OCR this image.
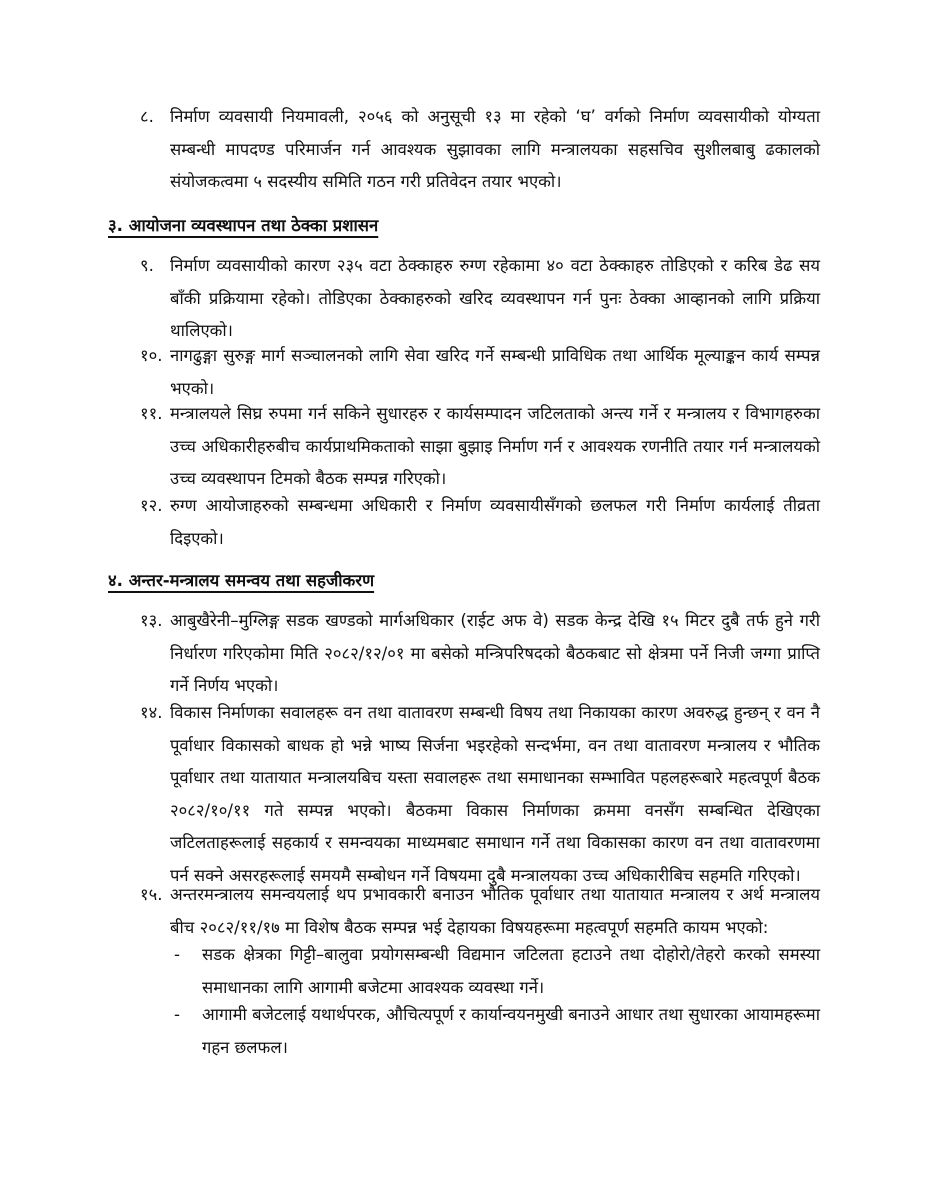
८. निर्माण व्यवसायी नियमावली, २०५६ को अनुसूची १३ मा रहेको ‘घ’ वर्गको निर्माण व्यवसायीको योग्यता सम्बन्धी मापदण्ड परिमार्जन गर्न आवश्यक सुझावका लागि मन्त्रालयका सहसचिव सुशीलबाबु ढकालको संयोजकत्वमा ५ सदस्यीय समिति गठन गरी प्रतिवेदन तयार भएको।
३. आयोजना व्यवस्थापन तथा ठेक्का प्रशासन
९. निर्माण व्यवसायीको कारण २३५ वटा ठेक्काहरु रुग्ण रहेकामा ४० वटा ठेक्काहरु तोडिएको र करिब डेढ सय बाँकी प्रक्रियामा रहेको। तोडिएका ठेक्काहरुको खरिद व्यवस्थापन गर्न पुनः ठेक्का आव्हानको लागि प्रक्रिया थालिएको।
१०. नागढुङ्गा सुरुङ्ग मार्ग सञ्चालनको लागि सेवा खरिद गर्ने सम्बन्धी प्राविधिक तथा आर्थिक मूल्याङ्कन कार्य सम्पन्न भएको।
११. मन्त्रालयले सिघ्र रुपमा गर्न सकिने सुधारहरु र कार्यसम्पादन जटिलताको अन्त्य गर्ने र मन्त्रालय र विभागहरुका उच्च अधिकारीहरुबीच कार्यप्राथमिकताको साझा बुझाइ निर्माण गर्न र आवश्यक रणनीति तयार गर्न मन्त्रालयको उच्च व्यवस्थापन टिमको बैठक सम्पन्न गरिएको।
१२. रुग्ण आयोजाहरुको सम्बन्धमा अधिकारी र निर्माण व्यवसायीसँगको छलफल गरी निर्माण कार्यलाई तीव्रता दिइएको।
४. अन्तर-मन्त्रालय समन्वय तथा सहजीकरण
१३. आबुखैरेनी–मुग्लिङ्ग सडक खण्डको मार्गअधिकार (राईट अफ वे) सडक केन्द्र देखि १५ मिटर दुबै तर्फ हुने गरी निर्धारण गरिएकोमा मिति २०८२/१२/०१ मा बसेको मन्त्रिपरिषदको बैठकबाट सो क्षेत्रमा पर्ने निजी जग्गा प्राप्ति गर्ने निर्णय भएको।
१४. विकास निर्माणका सवालहरू वन तथा वातावरण सम्बन्धी विषय तथा निकायका कारण अवरुद्ध हुन्छन् र वन नै पूर्वाधार विकासको बाधक हो भन्ने भाष्य सिर्जना भइरहेको सन्दर्भमा, वन तथा वातावरण मन्त्रालय र भौतिक पूर्वाधार तथा यातायात मन्त्रालयबिच यस्ता सवालहरू तथा समाधानका सम्भावित पहलहरूबारे महत्वपूर्ण बैठक २०८२/१०/११ गते सम्पन्न भएको। बैठकमा विकास निर्माणका क्रममा वनसँग सम्बन्धित देखिएका जटिलताहरूलाई सहकार्य र समन्वयका माध्यमबाट समाधान गर्ने तथा विकासका कारण वन तथा वातावरणमा पर्न सक्ने असरहरूलाई समयमै सम्बोधन गर्ने विषयमा दुबै मन्त्रालयका उच्च अधिकारीबिच सहमति गरिएको।
१५. अन्तरमन्त्रालय समन्वयलाई थप प्रभावकारी बनाउन भौतिक पूर्वाधार तथा यातायात मन्त्रालय र अर्थ मन्त्रालय बीच २०८२/११/१७ मा विशेष बैठक सम्पन्न भई देहायका विषयहरूमा महत्वपूर्ण सहमति कायम भएको:
- सडक क्षेत्रका गिट्टी–बालुवा प्रयोगसम्बन्धी विद्यमान जटिलता हटाउने तथा दोहोरो/तेहरो करको समस्या समाधानका लागि आगामी बजेटमा आवश्यक व्यवस्था गर्ने।
- आगामी बजेटलाई यथार्थपरक, औचित्यपूर्ण र कार्यान्वयनमुखी बनाउने आधार तथा सुधारका आयामहरूमा गहन छलफल।
